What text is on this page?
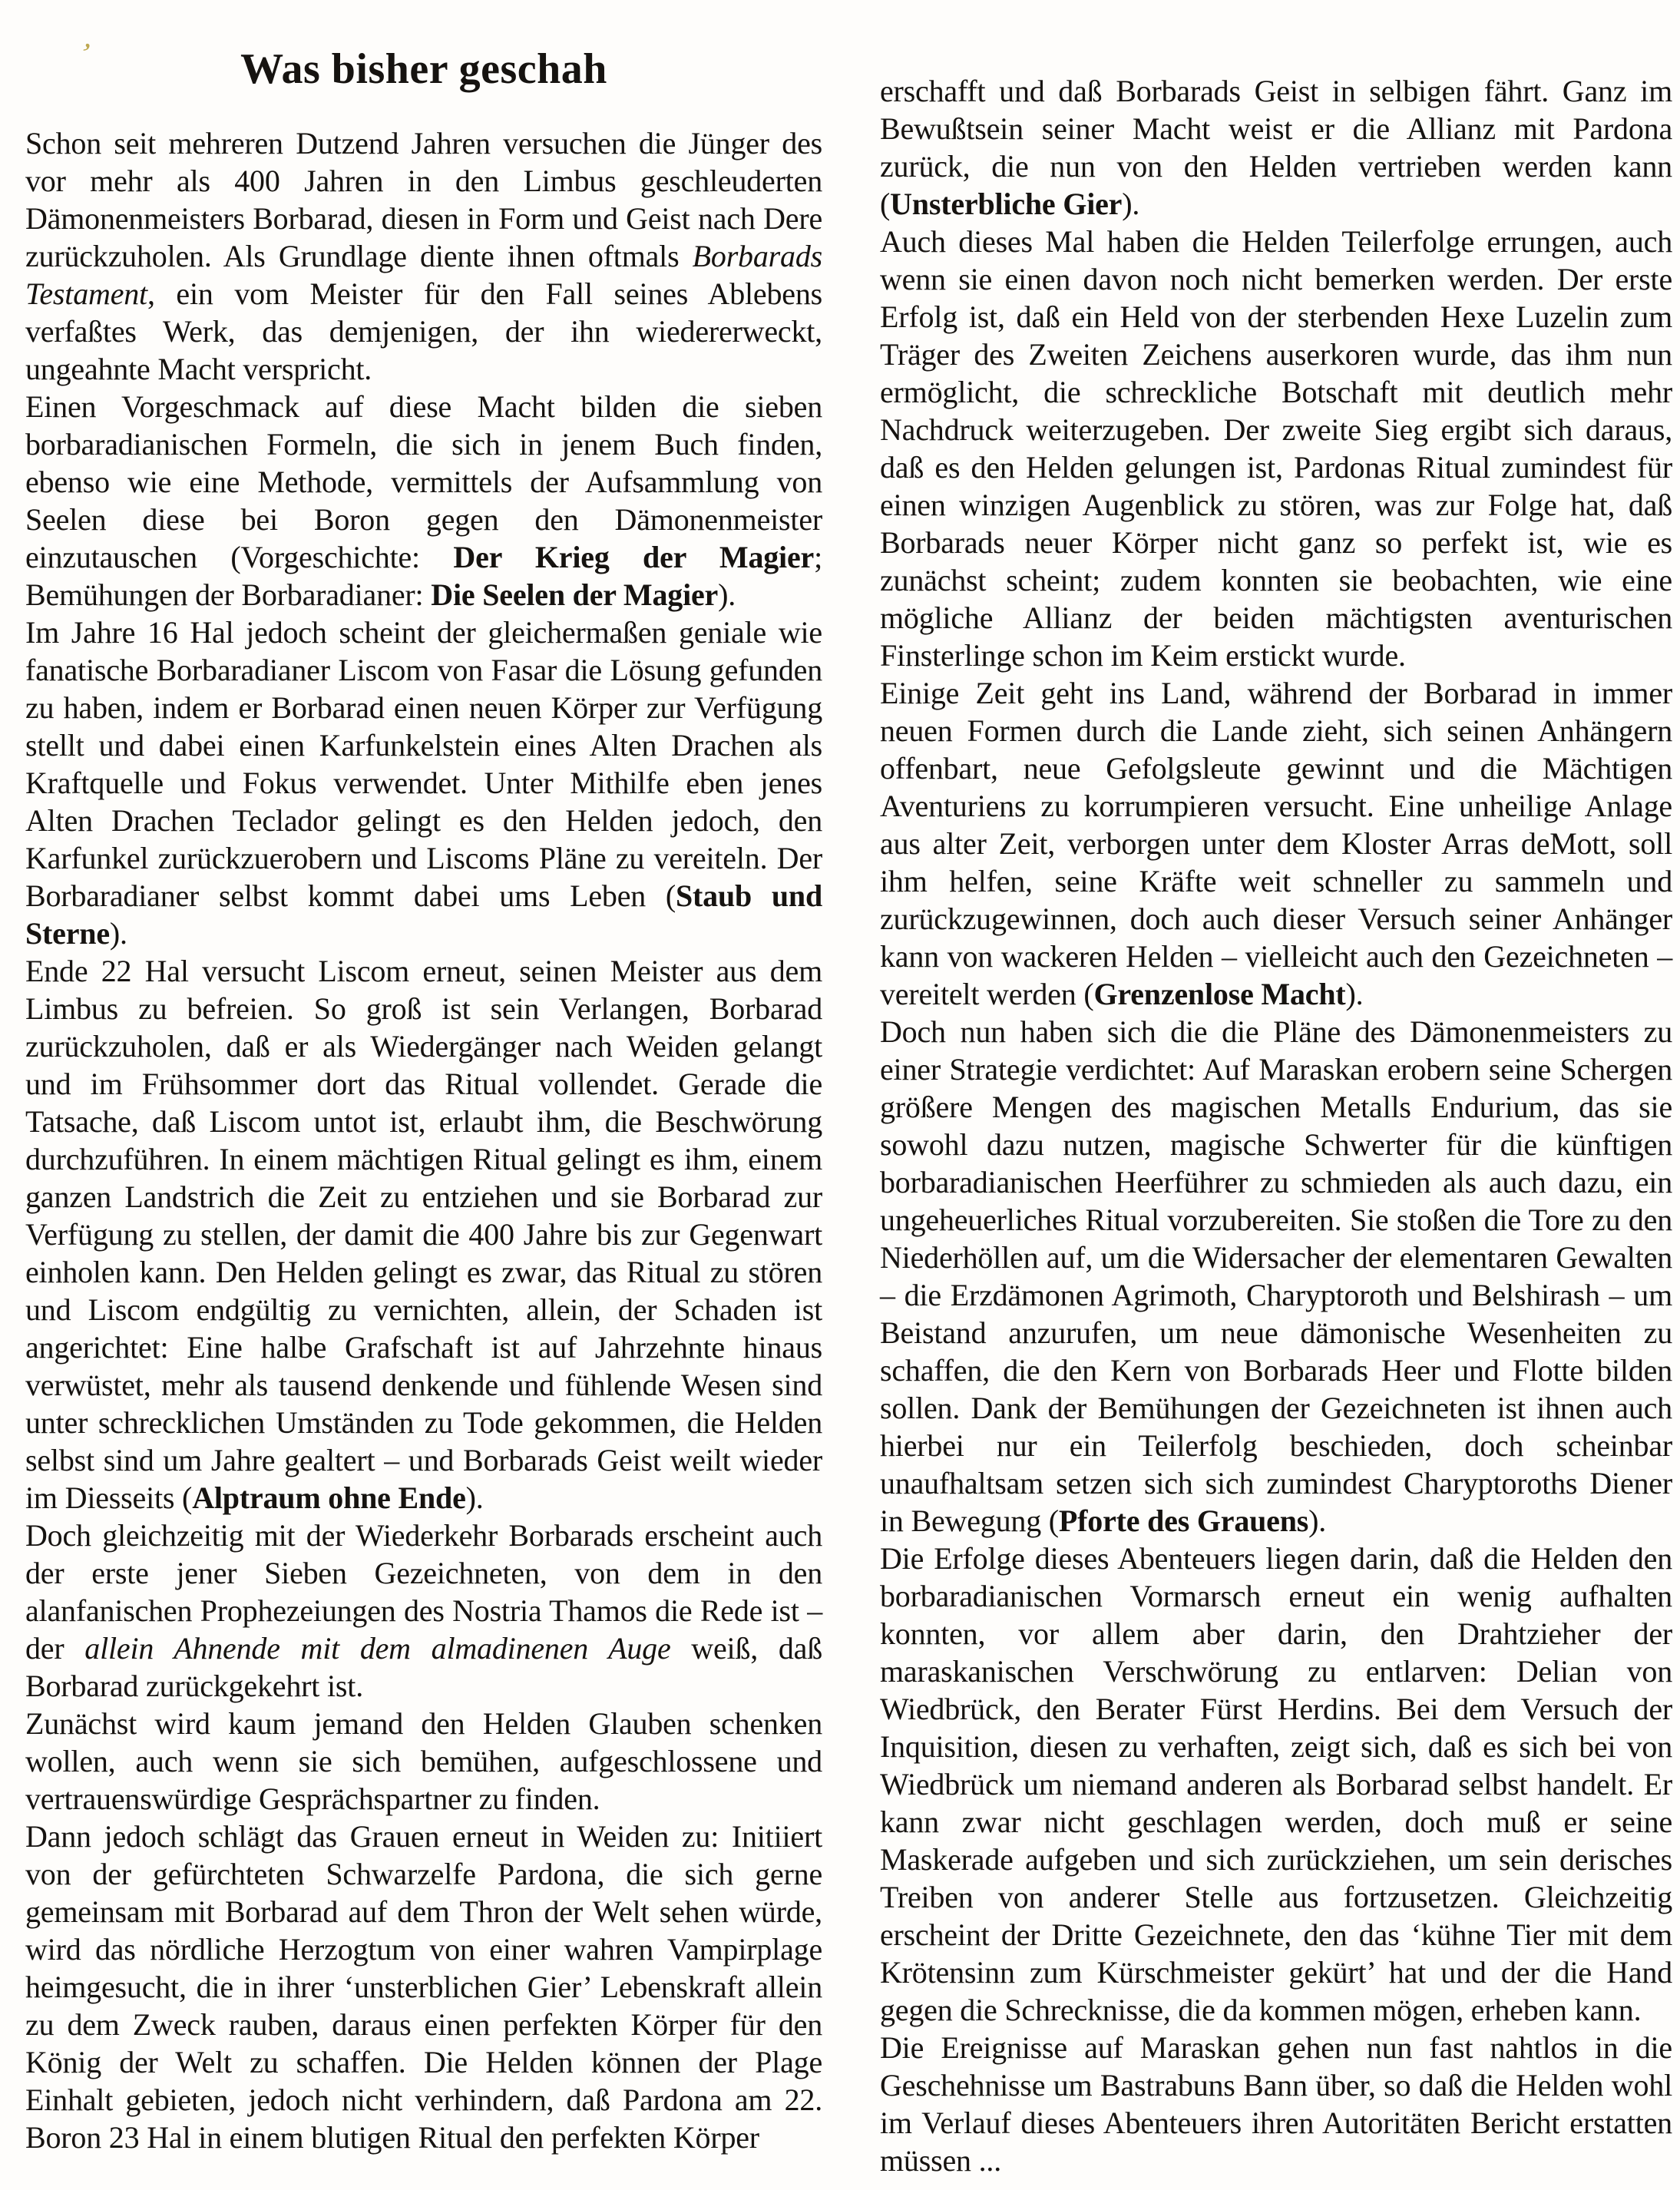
ʼ	Was bisher geschah

Schon seit mehreren Dutzend Jahren versuchen die Jünger des vor mehr als 400 Jahren in den Limbus geschleuderten Dämonenmeisters Borbarad, diesen in Form und Geist nach Dere zurückzuholen. Als Grundlage diente ihnen oftmals Borbarads Testament, ein vom Meister für den Fall seines Ablebens verfaßtes Werk, das demjenigen, der ihn wiedererweckt, ungeahnte Macht verspricht.

Einen Vorgeschmack auf diese Macht bilden die sieben borbaradianischen Formeln, die sich in jenem Buch finden, ebenso wie eine Methode, vermittels der Aufsammlung von Seelen diese bei Boron gegen den Dämonenmeister einzutauschen (Vorgeschichte: Der Krieg der Magier; Bemühungen der Borbaradianer: Die Seelen der Magier).

Im Jahre 16 Hal jedoch scheint der gleichermaßen geniale wie fanatische Borbaradianer Liscom von Fasar die Lösung gefunden zu haben, indem er Borbarad einen neuen Körper zur Verfügung stellt und dabei einen Karfunkelstein eines Alten Drachen als Kraftquelle und Fokus verwendet. Unter Mithilfe eben jenes Alten Drachen Teclador gelingt es den Helden jedoch, den Karfunkel zurückzuerobern und Liscoms Pläne zu vereiteln. Der Borbaradianer selbst kommt dabei ums Leben (Staub und Sterne).

Ende 22 Hal versucht Liscom erneut, seinen Meister aus dem Limbus zu befreien. So groß ist sein Verlangen, Borbarad zurückzuholen, daß er als Wiedergänger nach Weiden gelangt und im Frühsommer dort das Ritual vollendet. Gerade die Tatsache, daß Liscom untot ist, erlaubt ihm, die Beschwörung durchzuführen. In einem mächtigen Ritual gelingt es ihm, einem ganzen Landstrich die Zeit zu entziehen und sie Borbarad zur Verfügung zu stellen, der damit die 400 Jahre bis zur Gegenwart einholen kann. Den Helden gelingt es zwar, das Ritual zu stören und Liscom endgültig zu vernichten, allein, der Schaden ist angerichtet: Eine halbe Grafschaft ist auf Jahrzehnte hinaus verwüstet, mehr als tausend denkende und fühlende Wesen sind unter schrecklichen Umständen zu Tode gekommen, die Helden selbst sind um Jahre gealtert – und Borbarads Geist weilt wieder im Diesseits (Alptraum ohne Ende).

Doch gleichzeitig mit der Wiederkehr Borbarads erscheint auch der erste jener Sieben Gezeichneten, von dem in den alanfanischen Prophezeiungen des Nostria Thamos die Rede ist – der allein Ahnende mit dem almadinenen Auge weiß, daß Borbarad zurückgekehrt ist.

Zunächst wird kaum jemand den Helden Glauben schenken wollen, auch wenn sie sich bemühen, aufgeschlossene und vertrauenswürdige Gesprächspartner zu finden.

Dann jedoch schlägt das Grauen erneut in Weiden zu: Initiiert von der gefürchteten Schwarzelfe Pardona, die sich gerne gemeinsam mit Borbarad auf dem Thron der Welt sehen würde, wird das nördliche Herzogtum von einer wahren Vampirplage heimgesucht, die in ihrer ‘unsterblichen Gier’ Lebenskraft allein zu dem Zweck rauben, daraus einen perfekten Körper für den König der Welt zu schaffen. Die Helden können der Plage Einhalt gebieten, jedoch nicht verhindern, daß Pardona am 22. Boron 23 Hal in einem blutigen Ritual den perfekten Körper

erschafft und daß Borbarads Geist in selbigen fährt. Ganz im Bewußtsein seiner Macht weist er die Allianz mit Pardona zurück, die nun von den Helden vertrieben werden kann (Unsterbliche Gier).

Auch dieses Mal haben die Helden Teilerfolge errungen, auch wenn sie einen davon noch nicht bemerken werden. Der erste Erfolg ist, daß ein Held von der sterbenden Hexe Luzelin zum Träger des Zweiten Zeichens auserkoren wurde, das ihm nun ermöglicht, die schreckliche Botschaft mit deutlich mehr Nachdruck weiterzugeben. Der zweite Sieg ergibt sich daraus, daß es den Helden gelungen ist, Pardonas Ritual zumindest für einen winzigen Augenblick zu stören, was zur Folge hat, daß Borbarads neuer Körper nicht ganz so perfekt ist, wie es zunächst scheint; zudem konnten sie beobachten, wie eine mögliche Allianz der beiden mächtigsten aventurischen Finsterlinge schon im Keim erstickt wurde.

Einige Zeit geht ins Land, während der Borbarad in immer neuen Formen durch die Lande zieht, sich seinen Anhängern offenbart, neue Gefolgsleute gewinnt und die Mächtigen Aventuriens zu korrumpieren versucht. Eine unheilige Anlage aus alter Zeit, verborgen unter dem Kloster Arras deMott, soll ihm helfen, seine Kräfte weit schneller zu sammeln und zurückzugewinnen, doch auch dieser Versuch seiner Anhänger kann von wackeren Helden – vielleicht auch den Gezeichneten – vereitelt werden (Grenzenlose Macht).

Doch nun haben sich die die Pläne des Dämonenmeisters zu einer Strategie verdichtet: Auf Maraskan erobern seine Schergen größere Mengen des magischen Metalls Endurium, das sie sowohl dazu nutzen, magische Schwerter für die künftigen borbaradianischen Heerführer zu schmieden als auch dazu, ein ungeheuerliches Ritual vorzubereiten. Sie stoßen die Tore zu den Niederhöllen auf, um die Widersacher der elementaren Gewalten – die Erzdämonen Agrimoth, Charyptoroth und Belshirash – um Beistand anzurufen, um neue dämonische Wesenheiten zu schaffen, die den Kern von Borbarads Heer und Flotte bilden sollen. Dank der Bemühungen der Gezeichneten ist ihnen auch hierbei nur ein Teilerfolg beschieden, doch scheinbar unaufhaltsam setzen sich sich zumindest Charyptoroths Diener in Bewegung (Pforte des Grauens).

Die Erfolge dieses Abenteuers liegen darin, daß die Helden den borbaradianischen Vormarsch erneut ein wenig aufhalten konnten, vor allem aber darin, den Drahtzieher der maraskanischen Verschwörung zu entlarven: Delian von Wiedbrück, den Berater Fürst Herdins. Bei dem Versuch der Inquisition, diesen zu verhaften, zeigt sich, daß es sich bei von Wiedbrück um niemand anderen als Borbarad selbst handelt. Er kann zwar nicht geschlagen werden, doch muß er seine Maskerade aufgeben und sich zurückziehen, um sein derisches Treiben von anderer Stelle aus fortzusetzen. Gleichzeitig erscheint der Dritte Gezeichnete, den das ‘kühne Tier mit dem Krötensinn zum Kürschmeister gekürt’ hat und der die Hand gegen die Schrecknisse, die da kommen mögen, erheben kann.

Die Ereignisse auf Maraskan gehen nun fast nahtlos in die Geschehnisse um Bastrabuns Bann über, so daß die Helden wohl im Verlauf dieses Abenteuers ihren Autoritäten Bericht erstatten müssen ...
